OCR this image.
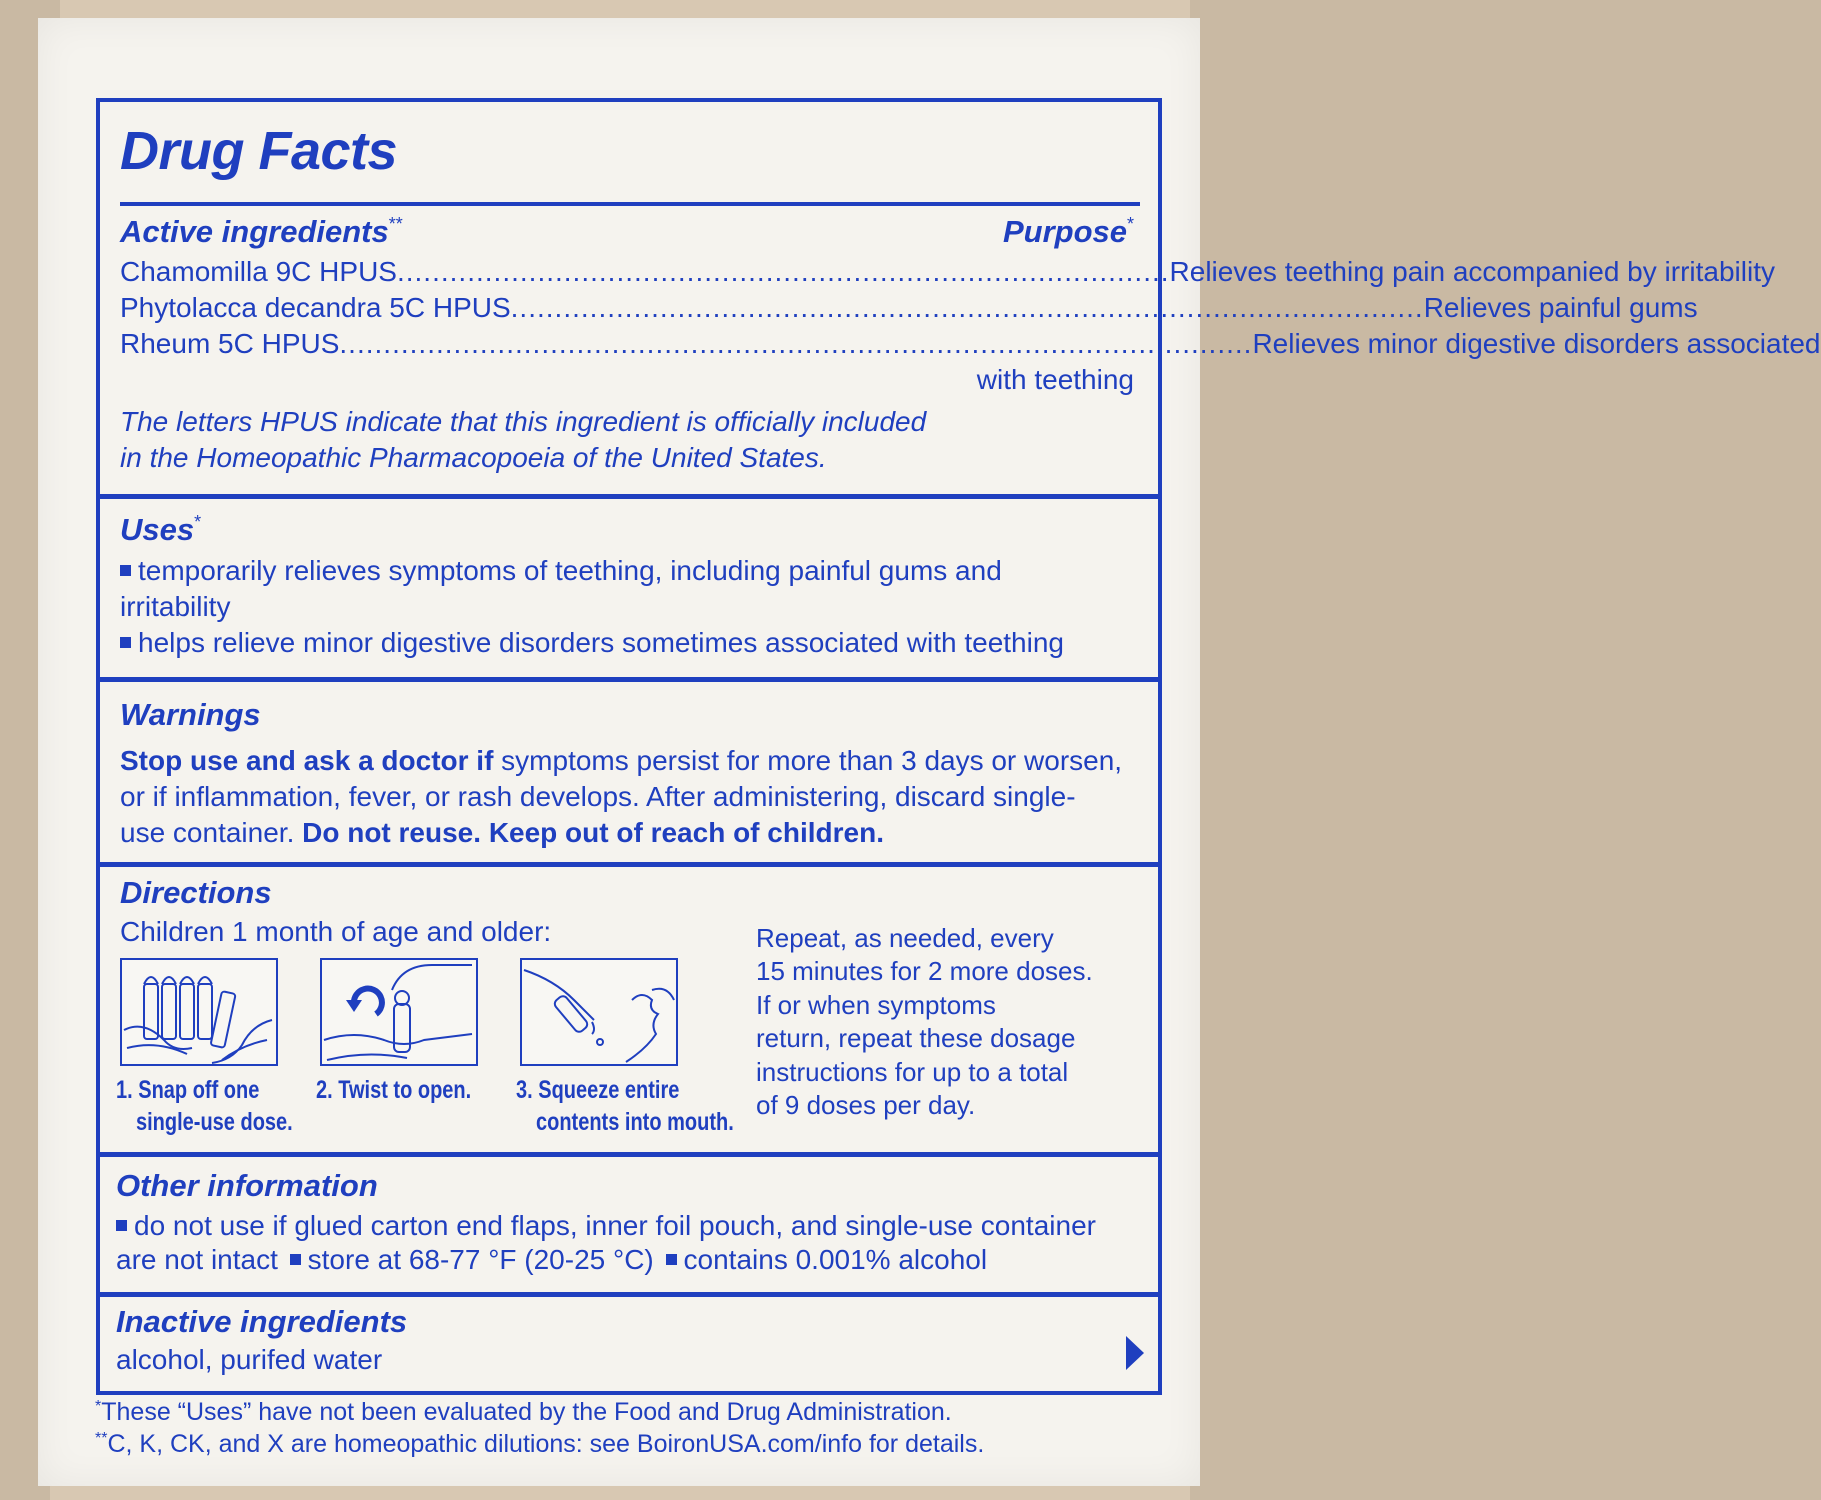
Drug Facts
Active ingredients**	Purpose*
Chamomilla 9C HPUS ........................................................................................ Relieves teething pain accompanied by irritability
Phytolacca decandra 5C HPUS ........................................................................................................ Relieves painful gums
Rheum 5C HPUS ........................................................................................................ Relieves minor digestive disorders associated
with teething
The letters HPUS indicate that this ingredient is officially included
in the Homeopathic Pharmacopoeia of the United States.
Uses*
temporarily relieves symptoms of teething, including painful gums and
irritability
helps relieve minor digestive disorders sometimes associated with teething
Warnings
Stop use and ask a doctor if symptoms persist for more than 3 days or worsen,
or if inflammation, fever, or rash develops. After administering, discard single-
use container. Do not reuse. Keep out of reach of children.
Directions
Children 1 month of age and older:
1. Snap off one
single-use dose.
2. Twist to open. 3. Squeeze entire
contents into mouth.
Repeat, as needed, every
15 minutes for 2 more doses.
If or when symptoms
return, repeat these dosage
instructions for up to a total
of 9 doses per day.
Other information
do not use if glued carton end flaps, inner foil pouch, and single-use container
are not intact store at 68-77 °F (20-25 °C) contains 0.001% alcohol
Inactive ingredients
alcohol, purifed water
*These “Uses” have not been evaluated by the Food and Drug Administration.
**C, K, CK, and X are homeopathic dilutions: see BoironUSA.com/info for details.
